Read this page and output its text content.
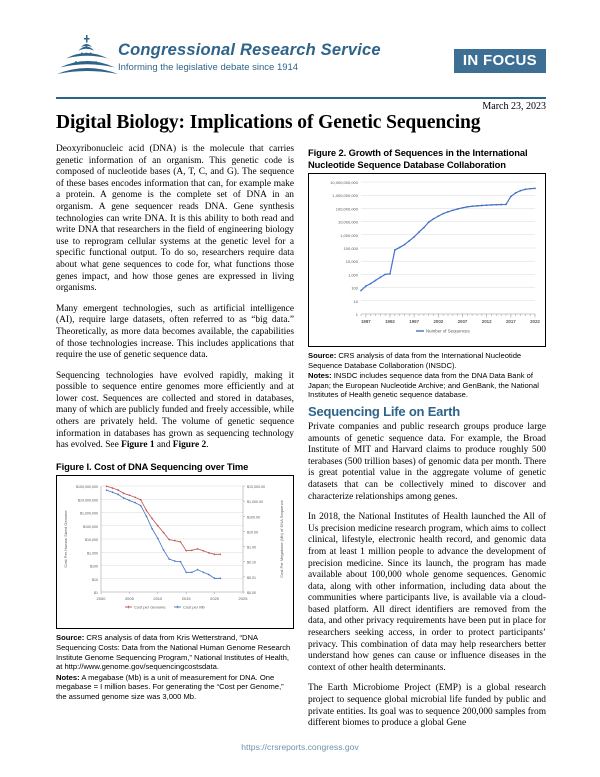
Congressional Research Service
Informing the legislative debate since 1914	IN FOCUS
March 23, 2023
Digital Biology: Implications of Genetic Sequencing

Deoxyribonucleic acid (DNA) is the molecule that carries genetic information of an organism. This genetic code is composed of nucleotide bases (A, T, C, and G). The sequence of these bases encodes information that can, for example make a protein. A genome is the complete set of DNA in an organism. A gene sequencer reads DNA. Gene synthesis technologies can write DNA. It is this ability to both read and write DNA that researchers in the field of engineering biology use to reprogram cellular systems at the genetic level for a specific functional output. To do so, researchers require data about what gene sequences to code for, what functions those genes impact, and how those genes are expressed in living organisms.

Many emergent technologies, such as artificial intelligence (AI), require large datasets, often referred to as “big data.” Theoretically, as more data becomes available, the capabilities of those technologies increase. This includes applications that require the use of genetic sequence data.

Sequencing technologies have evolved rapidly, making it possible to sequence entire genomes more efficiently and at lower cost. Sequences are collected and stored in databases, many of which are publicly funded and freely accessible, while others are privately held. The volume of genetic sequence information in databases has grown as sequencing technology has evolved. See Figure 1 and Figure 2.

Figure I. Cost of DNA Sequencing over Time
$1
$10
$100
$1,000
$10,000
$100,000
$1,000,000
$10,000,000
$100,000,000
$0.00
$0.01
$0.10
$1.00
$10.00
$100.00
$1,000.00
$10,000.00
2000	2005	2010	2015	2020	2025
Cost Per Human Sized Genome	Cost Per Megabase (Mb) of DNA Sequence
Cost per Genome	Cost per Mb

Source: CRS analysis of data from Kris Wetterstrand, “DNA Sequencing Costs: Data from the National Human Genome Research Institute Genome Sequencing Program,” National Institutes of Health, at http://www.genome.gov/sequencingcostsdata.

Notes: A megabase (Mb) is a unit of measurement for DNA. One megabase = I million bases. For generating the “Cost per Genome,” the assumed genome size was 3,000 Mb.

Figure 2. Growth of Sequences in the International Nucleotide Sequence Database Collaboration
1
10
100
1,000
10,000
100,000
1,000,000
10,000,000
100,000,000
1,000,000,000
10,000,000,000
1987	1992	1997	2002	2007	2012	2017	2022
Number of Sequences

Source: CRS analysis of data from the International Nucleotide Sequence Database Collaboration (INSDC).

Notes: INSDC includes sequence data from the DNA Data Bank of Japan; the European Nucleotide Archive; and GenBank, the National Institutes of Health genetic sequence database.

Sequencing Life on Earth

Private companies and public research groups produce large amounts of genetic sequence data. For example, the Broad Institute of MIT and Harvard claims to produce roughly 500 terabases (500 trillion bases) of genomic data per month. There is great potential value in the aggregate volume of genetic datasets that can be collectively mined to discover and characterize relationships among genes.

In 2018, the National Institutes of Health launched the All of Us precision medicine research program, which aims to collect clinical, lifestyle, electronic health record, and genomic data from at least 1 million people to advance the development of precision medicine. Since its launch, the program has made available about 100,000 whole genome sequences. Genomic data, along with other information, including data about the communities where participants live, is available via a cloud-based platform. All direct identifiers are removed from the data, and other privacy requirements have been put in place for researchers seeking access, in order to protect participants’ privacy. This combination of data may help researchers better understand how genes can cause or influence diseases in the context of other health determinants.

The Earth Microbiome Project (EMP) is a global research project to sequence global microbial life funded by public and private entities. Its goal was to sequence 200,000 samples from different biomes to produce a global Gene

https://crsreports.congress.gov
